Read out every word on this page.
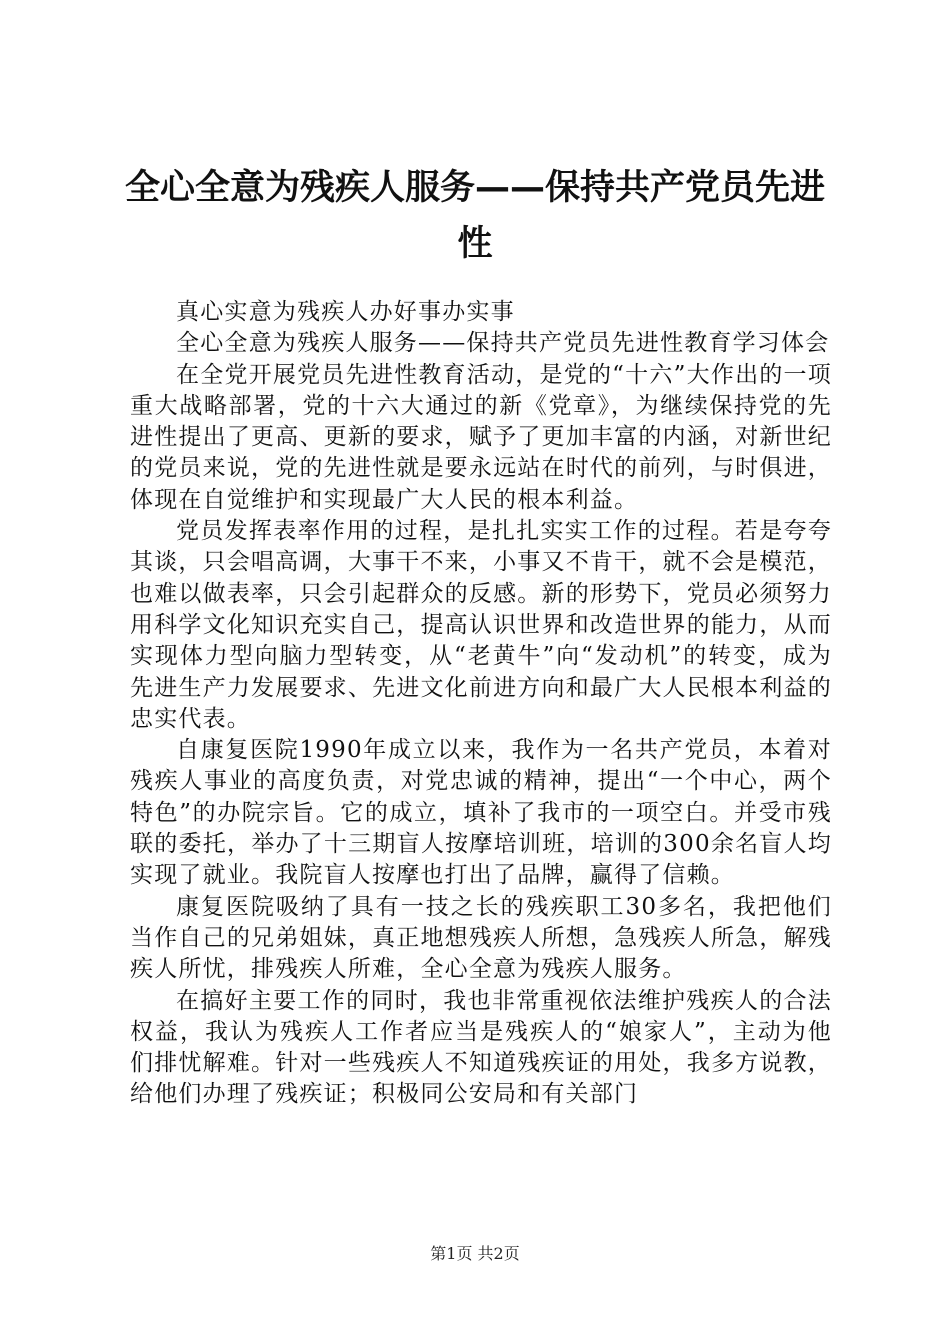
全心全意为残疾人服务——保持共产党员先进性

真心实意为残疾人办好事办实事

全心全意为残疾人服务——保持共产党员先进性教育学习体会

在全党开展党员先进性教育活动，是党的“十六”大作出的一项重大战略部署，党的十六大通过的新《党章》，为继续保持党的先进性提出了更高、更新的要求，赋予了更加丰富的内涵，对新世纪的党员来说，党的先进性就是要永远站在时代的前列，与时俱进，体现在自觉维护和实现最广大人民的根本利益。

党员发挥表率作用的过程，是扎扎实实工作的过程。若是夸夸其谈，只会唱高调，大事干不来，小事又不肯干，就不会是模范，也难以做表率，只会引起群众的反感。新的形势下，党员必须努力用科学文化知识充实自己，提高认识世界和改造世界的能力，从而实现体力型向脑力型转变，从“老黄牛”向“发动机”的转变，成为先进生产力发展要求、先进文化前进方向和最广大人民根本利益的忠实代表。

自康复医院1990年成立以来，我作为一名共产党员，本着对残疾人事业的高度负责，对党忠诚的精神，提出“一个中心，两个特色”的办院宗旨。它的成立，填补了我市的一项空白。并受市残联的委托，举办了十三期盲人按摩培训班，培训的300余名盲人均实现了就业。我院盲人按摩也打出了品牌，赢得了信赖。

康复医院吸纳了具有一技之长的残疾职工30多名，我把他们当作自己的兄弟姐妹，真正地想残疾人所想，急残疾人所急，解残疾人所忧，排残疾人所难，全心全意为残疾人服务。

在搞好主要工作的同时，我也非常重视依法维护残疾人的合法权益，我认为残疾人工作者应当是残疾人的“娘家人”，主动为他们排忧解难。针对一些残疾人不知道残疾证的用处，我多方说教，给他们办理了残疾证；积极同公安局和有关部门

第1页 共2页
